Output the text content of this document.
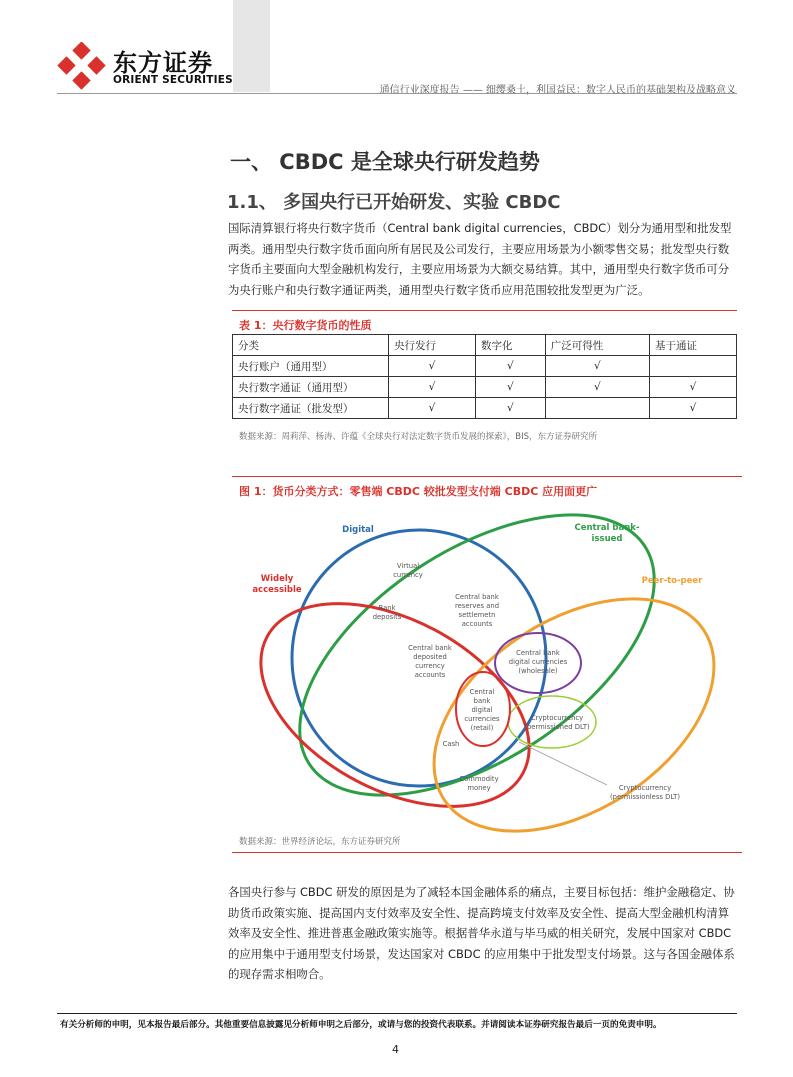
东方证券
ORIENT SECURITIES
通信行业深度报告 —— 细缨桑土，利国益民：数字人民币的基础架构及战略意义
一、 CBDC 是全球央行研发趋势
1.1、 多国央行已开始研发、实验 CBDC
国际清算银行将央行数字货币（Central bank digital currencies，CBDC）划分为通用型和批发型两类。通用型央行数字货币面向所有居民及公司发行，主要应用场景为小额零售交易；批发型央行数字货币主要面向大型金融机构发行，主要应用场景为大额交易结算。其中，通用型央行数字货币可分为央行账户和央行数字通证两类，通用型央行数字货币应用范围较批发型更为广泛。
表 1：央行数字货币的性质
分类	央行发行	数字化	广泛可得性	基于通证
央行账户（通用型）	√	√	√	
央行数字通证（通用型）	√	√	√	√
央行数字通证（批发型）	√	√		√
数据来源：周莉萍、杨涛、许蕴《全球央行对法定数字货币发展的探索》，BIS，东方证券研究所
图 1：货币分类方式：零售端 CBDC 较批发型支付端 CBDC 应用面更广
Digital	Central bank-
issued
Widely
accessible
Peer-to-peer
Virtual
currency
Bank
deposits
Central bank
reserves and
settlemetn
accounts
Central bank
deposited
currency
accounts
Central bank
digital currencies
(wholesale)
Central
bank
digital
currencies
(retail)
Cryptocurrency
(permissioned DLT)
Cash
Commodity
money	Cryptocurrency
(permissionless DLT)
数据来源：世界经济论坛，东方证券研究所
各国央行参与 CBDC 研发的原因是为了减轻本国金融体系的痛点，主要目标包括：维护金融稳定、协助货币政策实施、提高国内支付效率及安全性、提高跨境支付效率及安全性、提高大型金融机构清算效率及安全性、推进普惠金融政策实施等。根据普华永道与毕马威的相关研究，发展中国家对 CBDC 的应用集中于通用型支付场景，发达国家对 CBDC 的应用集中于批发型支付场景。这与各国金融体系的现存需求相吻合。
有关分析师的申明，见本报告最后部分。其他重要信息披露见分析师申明之后部分，或请与您的投资代表联系。并请阅读本证券研究报告最后一页的免责申明。
4
